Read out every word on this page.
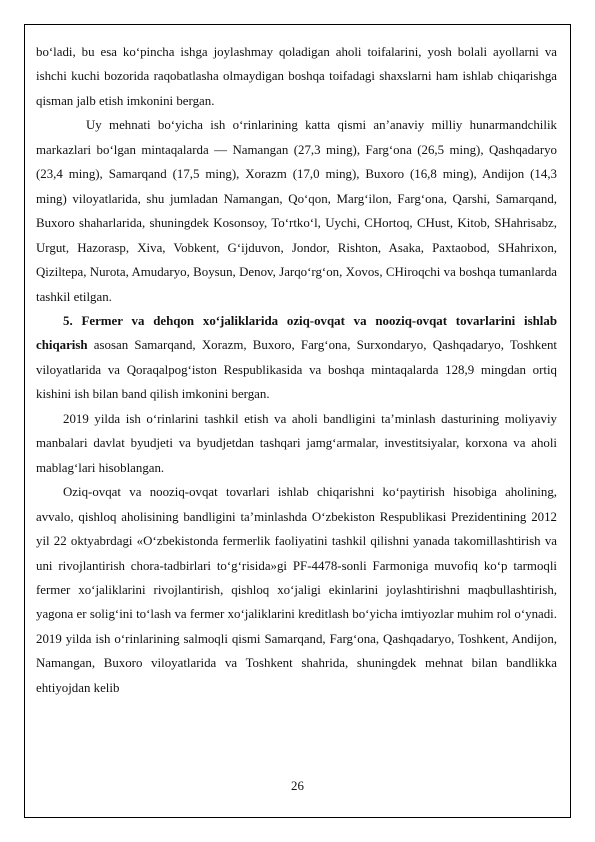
bo‘ladi, bu esa ko‘pincha ishga joylashmay qoladigan aholi toifalarini, yosh bolali ayollarni va ishchi kuchi bozorida raqobatlasha olmaydigan boshqa toifadagi shaxslarni ham ishlab chiqarishga qisman jalb etish imkonini bergan.

Uy mehnati bo‘yicha ish o‘rinlarining katta qismi an’anaviy milliy hunarmandchilik markazlari bo‘lgan mintaqalarda — Namangan (27,3 ming), Farg‘ona (26,5 ming), Qashqadaryo (23,4 ming), Samarqand (17,5 ming), Xorazm (17,0 ming), Buxoro (16,8 ming), Andijon (14,3 ming) viloyatlarida, shu jumladan Namangan, Qo‘qon, Marg‘ilon, Farg‘ona, Qarshi, Samarqand, Buxoro shaharlarida, shuningdek Kosonsoy, To‘rtko‘l, Uychi, CHortoq, CHust, Kitob, SHahrisabz, Urgut, Hazorasp, Xiva, Vobkent, G‘ijduvon, Jondor, Rishton, Asaka, Paxtaobod, SHahrixon, Qiziltepa, Nurota, Amudaryo, Boysun, Denov, Jarqo‘rg‘on, Xovos, CHiroqchi va boshqa tumanlarda tashkil etilgan.

5. Fermer va dehqon xo‘jaliklarida oziq-ovqat va nooziq-ovqat tovarlarini ishlab chiqarish asosan Samarqand, Xorazm, Buxoro, Farg‘ona, Surxondaryo, Qashqadaryo, Toshkent viloyatlarida va Qoraqalpog‘iston Respublikasida va boshqa mintaqalarda 128,9 mingdan ortiq kishini ish bilan band qilish imkonini bergan.

2019 yilda ish o‘rinlarini tashkil etish va aholi bandligini ta’minlash dasturining moliyaviy manbalari davlat byudjeti va byudjetdan tashqari jamg‘armalar, investitsiyalar, korxona va aholi mablag‘lari hisoblangan.

Oziq-ovqat va nooziq-ovqat tovarlari ishlab chiqarishni ko‘paytirish hisobiga aholining, avvalo, qishloq aholisining bandligini ta’minlashda O‘zbekiston Respublikasi Prezidentining 2012 yil 22 oktyabrdagi «O‘zbekistonda fermerlik faoliyatini tashkil qilishni yanada takomillashtirish va uni rivojlantirish chora-tadbirlari to‘g‘risida»gi PF-4478-sonli Farmoniga muvofiq ko‘p tarmoqli fermer xo‘jaliklarini rivojlantirish, qishloq xo‘jaligi ekinlarini joylashtirishni maqbullashtirish, yagona er solig‘ini to‘lash va fermer xo‘jaliklarini kreditlash bo‘yicha imtiyozlar muhim rol o‘ynadi. 2019 yilda ish o‘rinlarining salmoqli qismi Samarqand, Farg‘ona, Qashqadaryo, Toshkent, Andijon, Namangan, Buxoro viloyatlarida va Toshkent shahrida, shuningdek mehnat bilan bandlikka ehtiyojdan kelib

26
